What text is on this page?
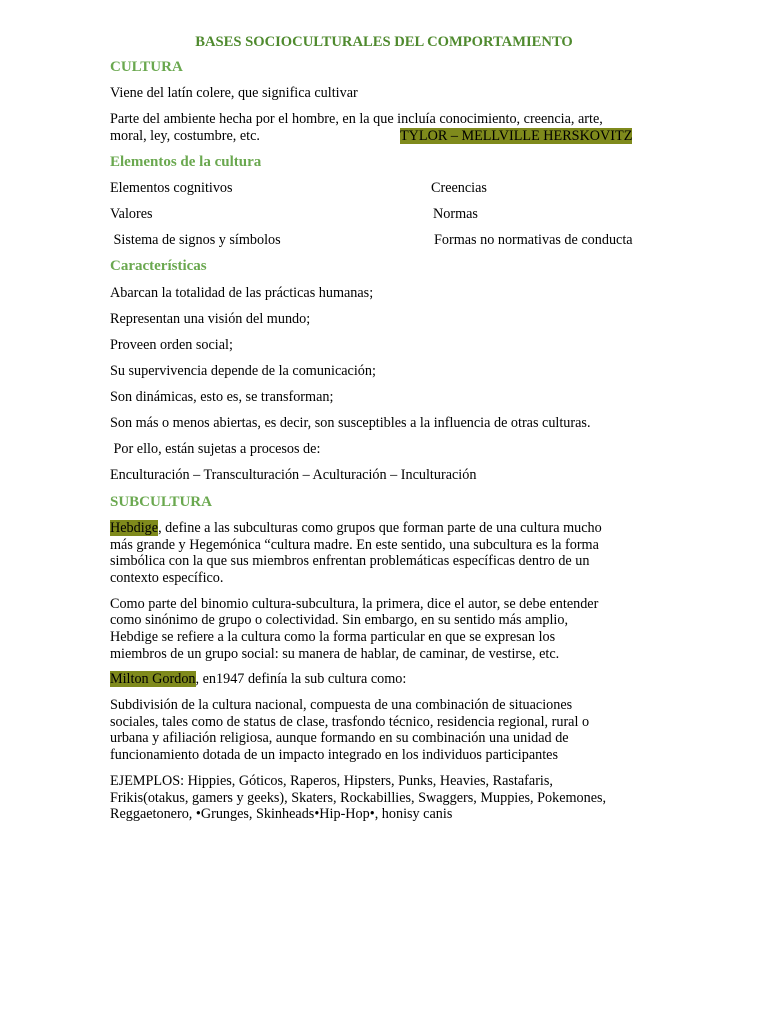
BASES SOCIOCULTURALES DEL COMPORTAMIENTO

CULTURA

Viene del latín colere, que significa cultivar

Parte del ambiente hecha por el hombre, en la que incluía conocimiento, creencia, arte,

moral, ley, costumbre, etc.	TYLOR – MELLVILLE HERSKOVITZ

Elementos de la cultura

Elementos cognitivos	Creencias

Valores	Normas

Sistema de signos y símbolos	Formas no normativas de conducta

Características

Abarcan la totalidad de las prácticas humanas;

Representan una visión del mundo;

Proveen orden social;

Su supervivencia depende de la comunicación;

Son dinámicas, esto es, se transforman;

Son más o menos abiertas, es decir, son susceptibles a la influencia de otras culturas.

Por ello, están sujetas a procesos de:

Enculturación – Transculturación – Aculturación – Inculturación

SUBCULTURA

Hebdige, define a las subculturas como grupos que forman parte de una cultura mucho

más grande y Hegemónica “cultura madre. En este sentido, una subcultura es la forma

simbólica con la que sus miembros enfrentan problemáticas específicas dentro de un

contexto específico.

Como parte del binomio cultura-subcultura, la primera, dice el autor, se debe entender

como sinónimo de grupo o colectividad. Sin embargo, en su sentido más amplio,

Hebdige se refiere a la cultura como la forma particular en que se expresan los

miembros de un grupo social: su manera de hablar, de caminar, de vestirse, etc.

Milton Gordon, en1947 definía la sub cultura como:

Subdivisión de la cultura nacional, compuesta de una combinación de situaciones

sociales, tales como de status de clase, trasfondo técnico, residencia regional, rural o

urbana y afiliación religiosa, aunque formando en su combinación una unidad de

funcionamiento dotada de un impacto integrado en los individuos participantes

EJEMPLOS: Hippies, Góticos, Raperos, Hipsters, Punks, Heavies, Rastafaris,

Frikis(otakus, gamers y geeks), Skaters, Rockabillies, Swaggers, Muppies, Pokemones,

Reggaetonero, •Grunges, Skinheads•Hip-Hop•, honisy canis
